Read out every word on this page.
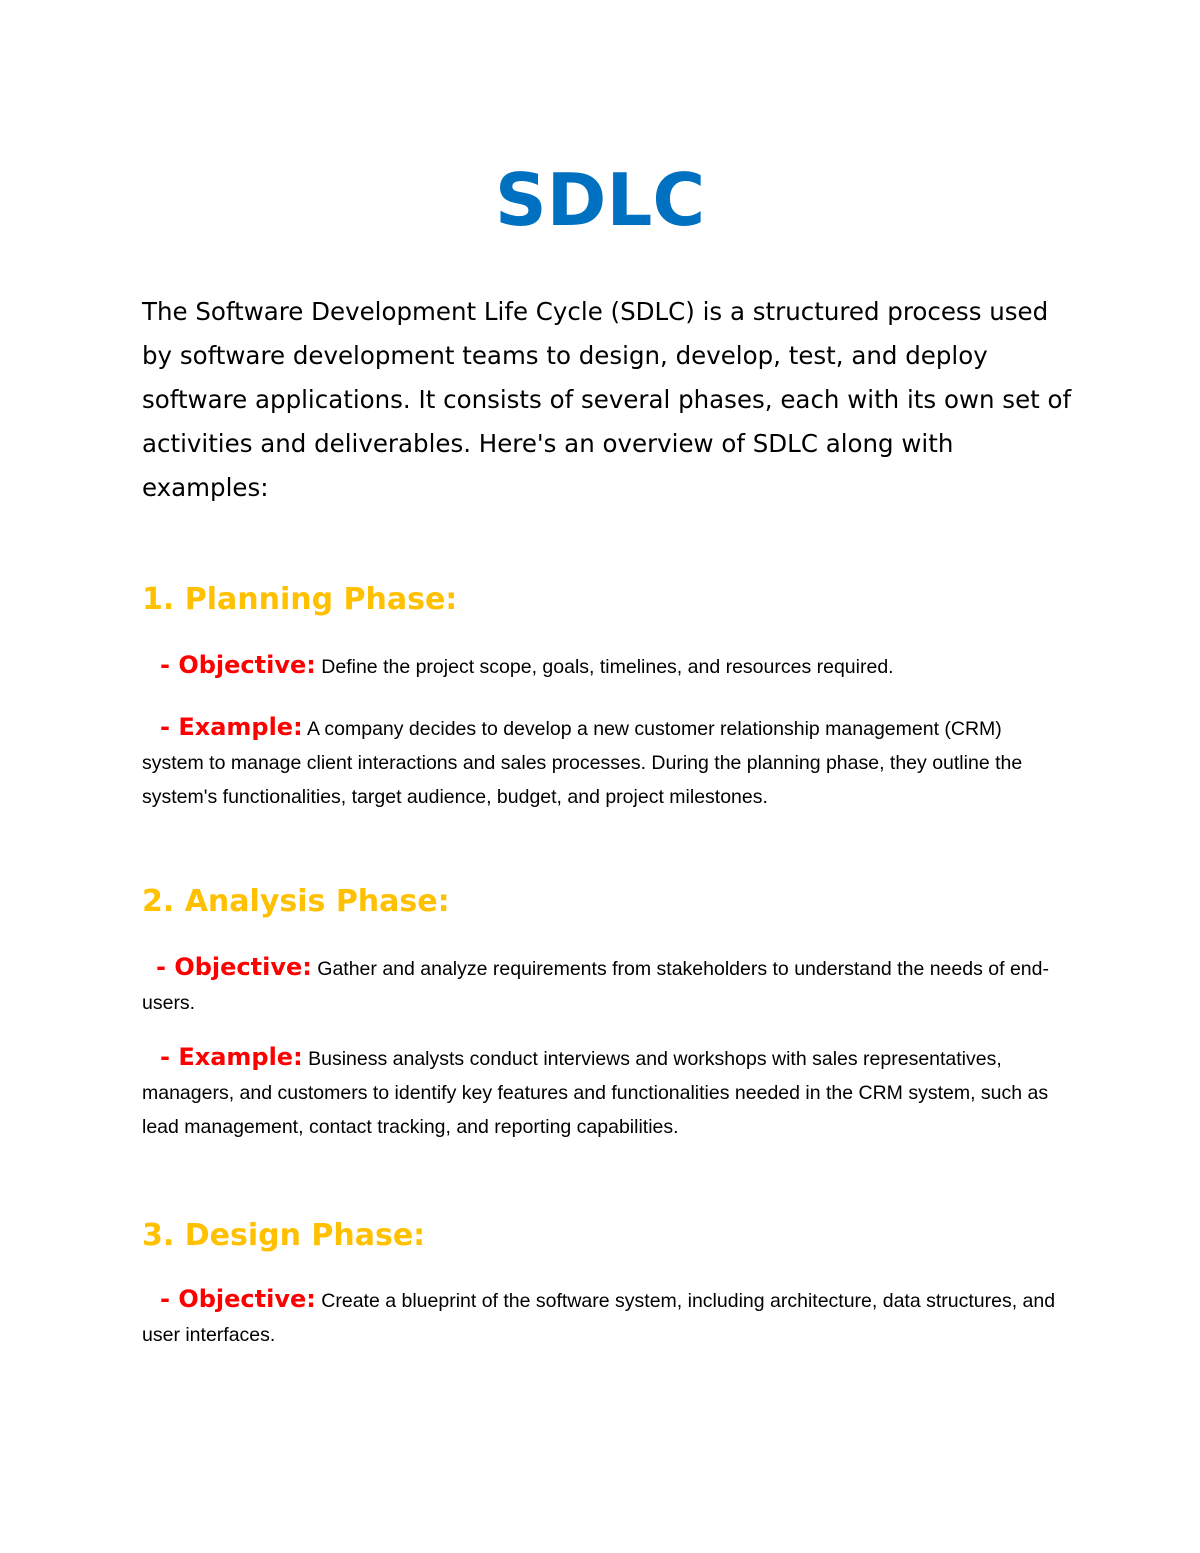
SDLC

The Software Development Life Cycle (SDLC) is a structured process used by software development teams to design, develop, test, and deploy software applications. It consists of several phases, each with its own set of activities and deliverables. Here's an overview of SDLC along with examples:

1. Planning Phase:

- Objective: Define the project scope, goals, timelines, and resources required.

- Example: A company decides to develop a new customer relationship management (CRM) system to manage client interactions and sales processes. During the planning phase, they outline the system's functionalities, target audience, budget, and project milestones.

2. Analysis Phase:

- Objective: Gather and analyze requirements from stakeholders to understand the needs of end-users.

- Example: Business analysts conduct interviews and workshops with sales representatives, managers, and customers to identify key features and functionalities needed in the CRM system, such as lead management, contact tracking, and reporting capabilities.

3. Design Phase:

- Objective: Create a blueprint of the software system, including architecture, data structures, and user interfaces.
